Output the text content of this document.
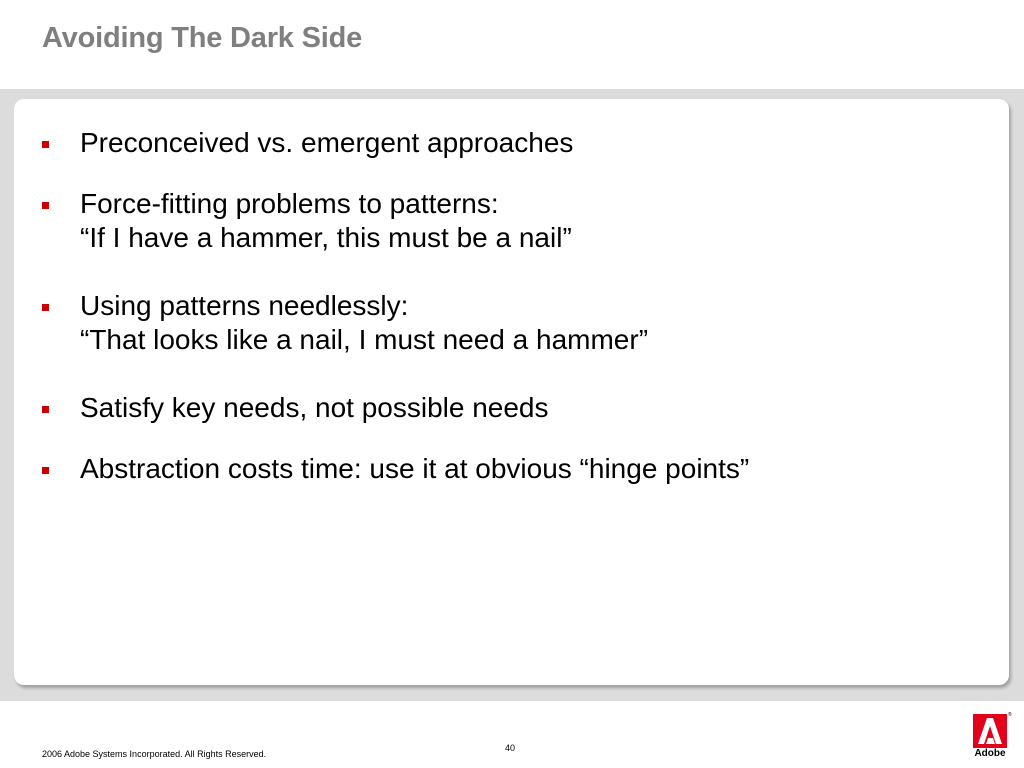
Avoiding The Dark Side
Preconceived vs. emergent approaches
Force-fitting problems to patterns:
“If I have a hammer, this must be a nail”
Using patterns needlessly:
“That looks like a nail, I must need a hammer”
Satisfy key needs, not possible needs
Abstraction costs time: use it at obvious “hinge points”
40
2006 Adobe Systems Incorporated. All Rights Reserved.
®
Adobe
